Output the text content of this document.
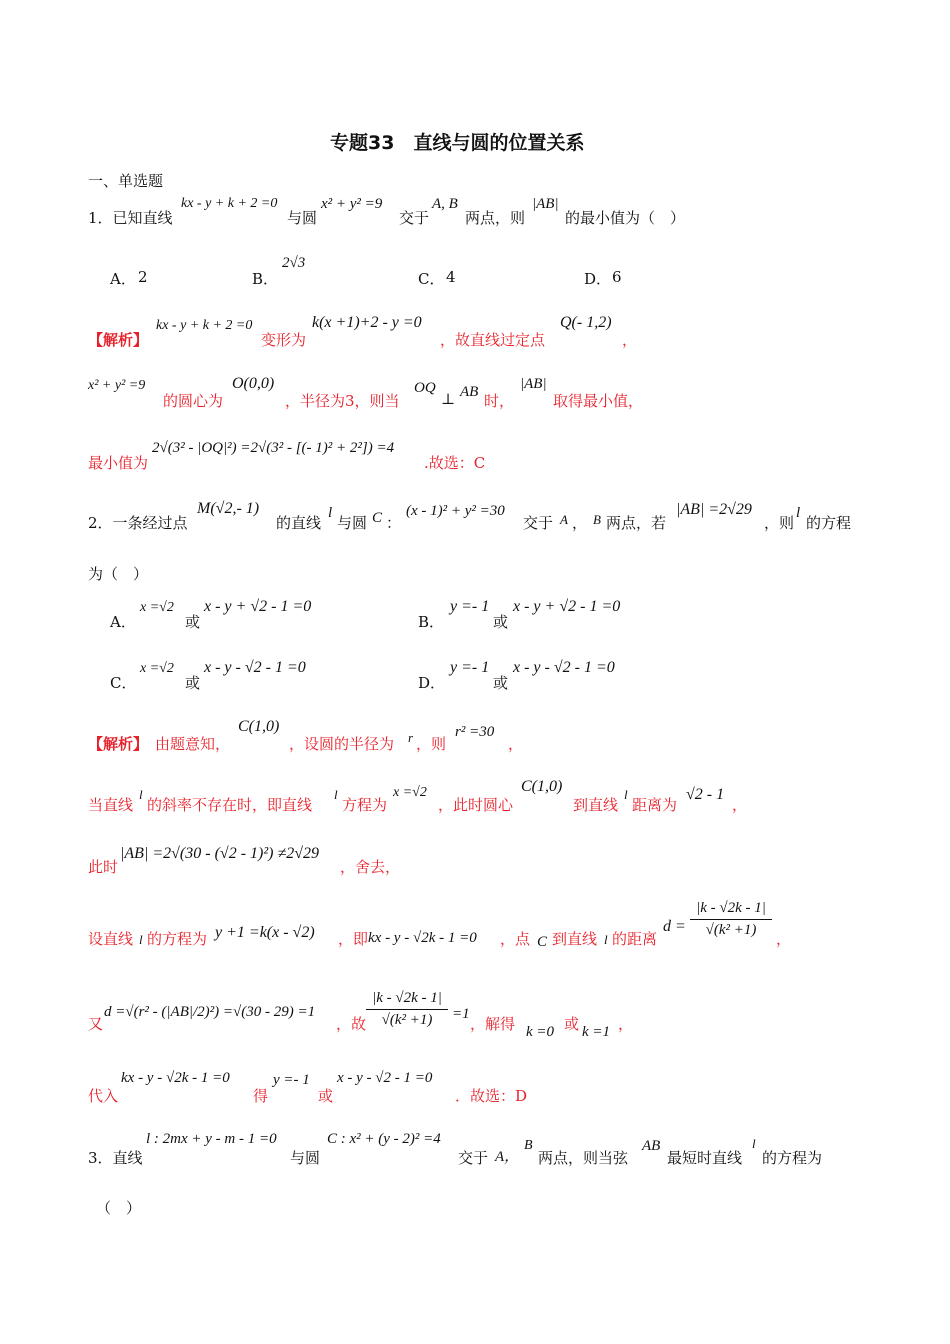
专题33　直线与圆的位置关系
一、单选题
1．已知直线
kx - y + k + 2 =0
与圆
x² + y² =9
交于
A, B
两点，则
|AB|
的最小值为（　）
A． 2	B．
2√3
C． 4	D． 6
【解析】
kx - y + k + 2 =0
变形为
k(x +1)+2 - y =0
，故直线过定点
Q(- 1,2)
，
x² + y² =9
的圆心为
O(0,0)
，半径为3，则当
OQ
⊥ AB 时，
|AB|
取得最小值，
最小值为
2√(3² - |OQ|²) =2√(3² - [(- 1)² + 2²]) =4
.故选：C
2．一条经过点
M(√2,- 1)
的直线
l
与圆 C ：
(x - 1)² + y² =30
交于 A ， B 两点，若
|AB| =2√29
，则
l
的方程
为（　）
A．
x =√2
或
x - y + √2 - 1 =0
B．
y =- 1
或
x - y + √2 - 1 =0
C．
x =√2
或
x - y - √2 - 1 =0
D．
y =- 1
或
x - y - √2 - 1 =0
【解析】 由题意知，
C(1,0)
，设圆的半径为 r ，则
r² =30
，
当直线
l
的斜率不存在时，即直线
l
方程为
x =√2
，此时圆心
C(1,0)
到直线
l
距离为
√2 - 1
，
此时
|AB| =2√(30 - (√2 - 1)²) ≠2√29
，舍去，
设直线 l 的方程为 y +1 =k(x - √2) ，即 kx - y - √2k - 1 =0 ，点 C 到直线 l 的距离
$d = \frac{|k - √2k - 1|}{\text{√(k² +1)}}$ ，
又
d =√(r² - (|AB|/2)²) =√(30 - 29) =1
，故 $\frac{|k - √2k - 1|}{\text{√(k² +1)}} =1$
，解得 k =0 或 k =1 ，
代入
kx - y - √2k - 1 =0
得
y =- 1
或
x - y - √2 - 1 =0
．故选：D
3．直线
l : 2mx + y - m - 1 =0
与圆
C : x² + (y - 2)² =4
交于 A，
B
两点，则当弦
AB
最短时直线
l
的方程为
（　）
